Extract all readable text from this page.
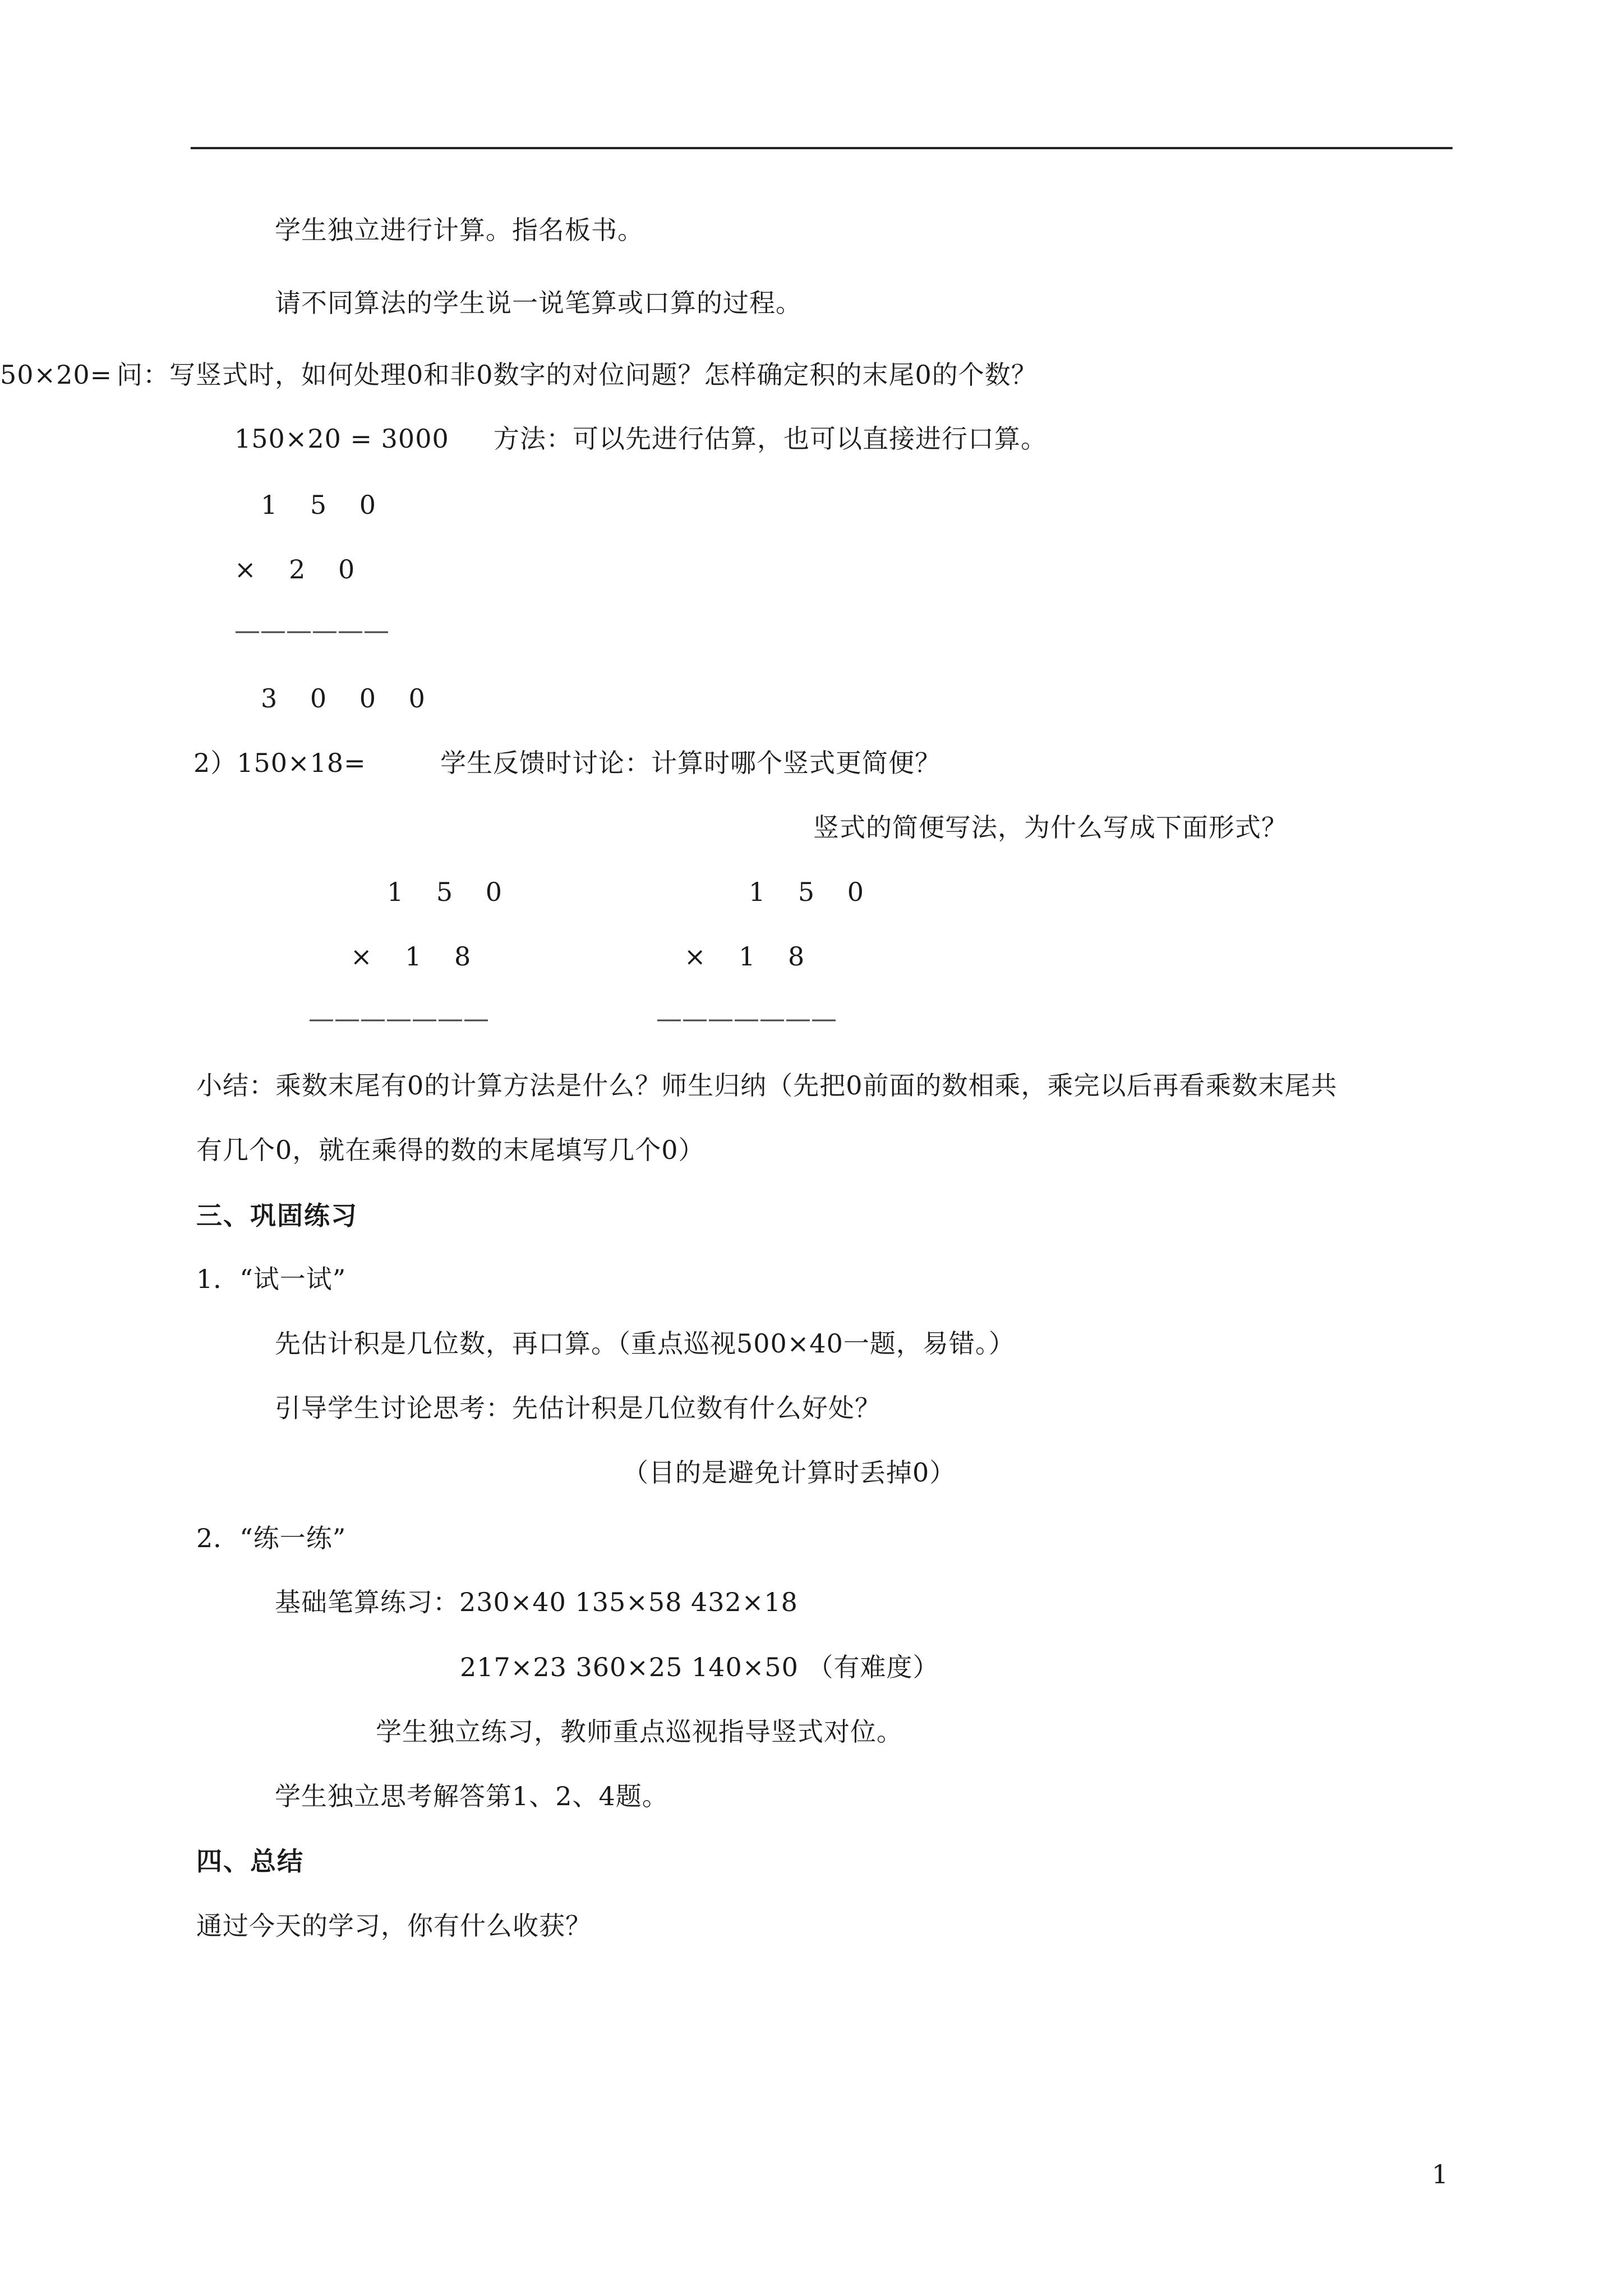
学生独立进行计算。指名板书。
请不同算法的学生说一说笔算或口算的过程。
50×20= 问：写竖式时，如何处理0和非0数字的对位问题？怎样确定积的末尾0的个数？
150×20 = 3000 方法：可以先进行估算，也可以直接进行口算。
1 5 0
× 2 0
——————
3 0 0 0
2）150×18=	学生反馈时讨论：计算时哪个竖式更简便？
竖式的简便写法，为什么写成下面形式？
1 5 0	1 5 0
× 1 8	× 1 8
———————	———————
小结：乘数末尾有0的计算方法是什么？师生归纳（先把0前面的数相乘，乘完以后再看乘数末尾共
有几个0，就在乘得的数的末尾填写几个0）
三、巩固练习
1．“试一试”
先估计积是几位数，再口算。（重点巡视500×40一题，易错。）
引导学生讨论思考：先估计积是几位数有什么好处？
（目的是避免计算时丢掉0）
2．“练一练”
基础笔算练习：230×40 135×58 432×18
217×23 360×25 140×50 （有难度）
学生独立练习，教师重点巡视指导竖式对位。
学生独立思考解答第1、2、4题。
四、总结
通过今天的学习，你有什么收获？
1
